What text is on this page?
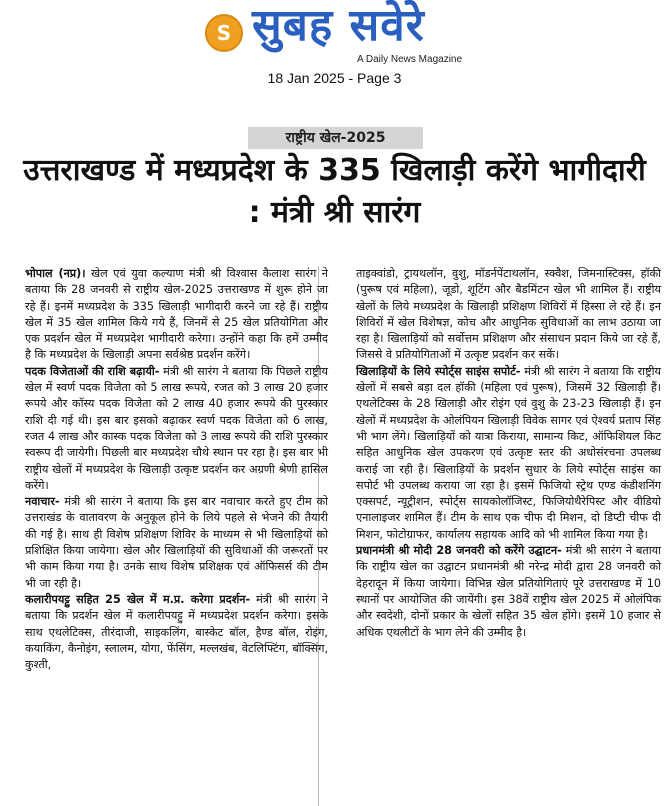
S सुबह सवेरे
A Daily News Magazine
18 Jan 2025 - Page 3
राष्ट्रीय खेल-2025
उत्तराखण्ड में मध्यप्रदेश के 335 खिलाड़ी करेंगे भागीदारी : मंत्री श्री सारंग

भोपाल (नप्र)। खेल एवं युवा कल्याण मंत्री श्री विश्वास कैलाश सारंग ने बताया कि 28 जनवरी से राष्ट्रीय खेल-2025 उत्तराखण्ड में शुरू होने जा रहे हैं। इनमें मध्यप्रदेश के 335 खिलाड़ी भागीदारी करने जा रहे हैं। राष्ट्रीय खेल में 35 खेल शामिल किये गये हैं, जिनमें से 25 खेल प्रतियोगिता और एक प्रदर्शन खेल में मध्यप्रदेश भागीदारी करेगा। उन्होंने कहा कि हमें उम्मीद है कि मध्यप्रदेश के खिलाड़ी अपना सर्वश्रेष्ठ प्रदर्शन करेंगे।

पदक विजेताओं की राशि बढ़ायी- मंत्री श्री सारंग ने बताया कि पिछले राष्ट्रीय खेल में स्वर्ण पदक विजेता को 5 लाख रूपये, रजत को 3 लाख 20 हजार रूपये और कॉस्य पदक विजेता को 2 लाख 40 हजार रूपये की पुरस्कार राशि दी गई थी। इस बार इसको बढ़ाकर स्वर्ण पदक विजेता को 6 लाख, रजत 4 लाख और कास्क पदक विजेता को 3 लाख रूपये की राशि पुरस्कार स्वरूप दी जायेगी। पिछली बार मध्यप्रदेश चौथे स्थान पर रहा है। इस बार भी राष्ट्रीय खेलों में मध्यप्रदेश के खिलाड़ी उत्कृष्ट प्रदर्शन कर अग्रणी श्रेणी हासिल करेंगे।

नवाचार- मंत्री श्री सारंग ने बताया कि इस बार नवाचार करते हुए टीम को उत्तराखंड के वातावरण के अनुकूल होने के लिये पहले से भेजने की तैयारी की गई है। साथ ही विशेष प्रशिक्षण शिविर के माध्यम से भी खिलाड़ियों को प्रशिक्षित किया जायेगा। खेल और खिलाड़ियों की सुविधाओं की जरूरतों पर भी काम किया गया है। उनके साथ विशेष प्रशिक्षक एवं ऑफिसर्स की टीम भी जा रही है।

कलारीपयट्टु सहित 25 खेल में म.प्र. करेगा प्रदर्शन- मंत्री श्री सारंग ने बताया कि प्रदर्शन खेल में कलारीपयट्टु में मध्यप्रदेश प्रदर्शन करेगा। इसके साथ एथलेटिक्स, तीरंदाजी, साइकलिंग, बास्केट बॉल, हैण्ड बॉल, रोइंग, कयाकिंग, कैनोइंग, स्लालम, योगा, फेंसिंग, मल्लखंब, वेटलिफ्टिंग, बॉक्सिंग, कुश्ती,

ताइक्वांडो, ट्रायथलॉन, वुशु, मॉडर्नपेंटाथलॉन, स्क्वैश, जिमनास्टिक्स, हॉकी (पुरूष एवं महिला), जूडो, शूटिंग और बैडमिंटन खेल भी शामिल हैं। राष्ट्रीय खेलों के लिये मध्यप्रदेश के खिलाड़ी प्रशिक्षण शिविरों में हिस्सा ले रहे हैं। इन शिविरों में खेल विशेषज्ञ, कोच और आधुनिक सुविधाओं का लाभ उठाया जा रहा है। खिलाड़ियों को सर्वोत्तम प्रशिक्षण और संसाधन प्रदान किये जा रहे हैं, जिससे वे प्रतियोगिताओं में उत्कृष्ट प्रदर्शन कर सकें।

खिलाड़ियों के लिये स्पोर्ट्स साइंस सपोर्ट- मंत्री श्री सारंग ने बताया कि राष्ट्रीय खेलों में सबसे बड़ा दल हॉकी (महिला एवं पुरूष), जिसमें 32 खिलाड़ी हैं। एथलेटिक्स के 28 खिलाड़ी और रोइंग एवं वुशु के 23-23 खिलाड़ी हैं। इन खेलों में मध्यप्रदेश के ओलंपियन खिलाड़ी विवेक सागर एवं ऐश्वर्य प्रताप सिंह भी भाग लेंगे। खिलाड़ियों को यात्रा किराया, सामान्य किट, ऑफिशियल किट सहित आधुनिक खेल उपकरण एवं उत्कृष्ट स्तर की अधोसंरचना उपलब्ध कराई जा रही है। खिलाड़ियों के प्रदर्शन सुधार के लिये स्पोर्ट्स साइंस का सपोर्ट भी उपलब्ध कराया जा रहा है। इसमें फिजियो स्ट्रेथ एण्ड कंडीशनिंग एक्सपर्ट, न्यूट्रीशन, स्पोर्ट्स सायकोलॉजिस्ट, फिजियोथैरेपिस्ट और वीडियो एनालाइजर शामिल हैं। टीम के साथ एक चीफ दी मिशन, दो डिप्टी चीफ दी मिशन, फोटोग्राफर, कार्यालय सहायक आदि को भी शामिल किया गया है।

प्रधानमंत्री श्री मोदी 28 जनवरी को करेंगे उद्घाटन- मंत्री श्री सारंग ने बताया कि राष्ट्रीय खेल का उद्घाटन प्रधानमंत्री श्री नरेन्द्र मोदी द्वारा 28 जनवरी को देहरादून में किया जायेगा। विभिन्न खेल प्रतियोगिताएं पूरे उत्तराखण्ड में 10 स्थानों पर आयोजित की जायेंगी। इस 38वें राष्ट्रीय खेल 2025 में ओलंपिक और स्वदेशी, दोनों प्रकार के खेलों सहित 35 खेल होंगे। इसमें 10 हजार से अधिक एथलीटों के भाग लेने की उम्मीद है।
